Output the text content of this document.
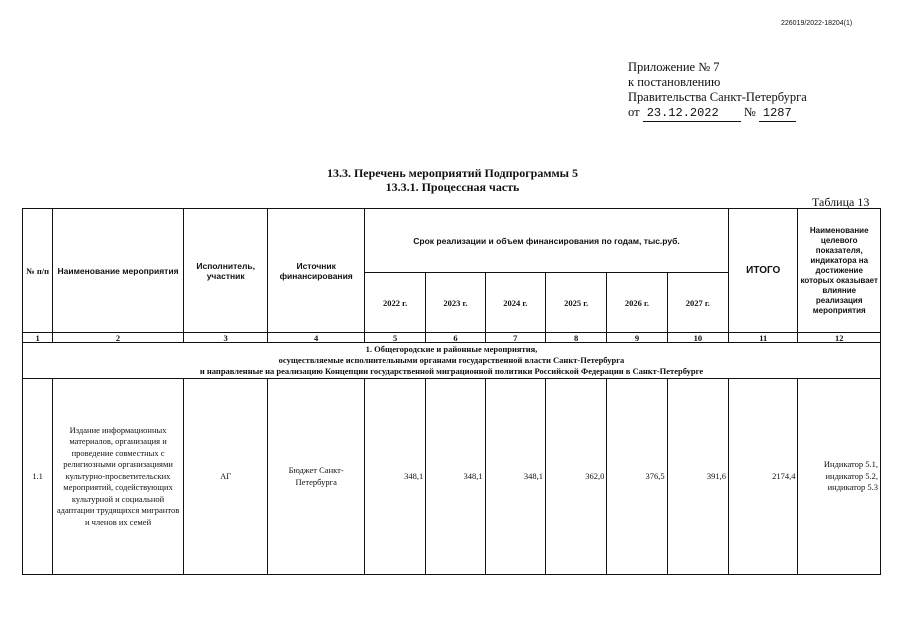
226019/2022-18204(1)
Приложение № 7
к постановлению
Правительства Санкт-Петербурга
от 23.12.2022 № 1287
13.3. Перечень мероприятий Подпрограммы 5
13.3.1. Процессная часть
Таблица 13
№ п/п	Наименование мероприятия	Исполнитель, участник	Источник финансирования	Срок реализации и объем финансирования по годам, тыс.руб.						ИТОГО	Наименование целевого показателя, индикатора на достижение которых оказывает влияние реализация мероприятия
				2022 г.	2023 г.	2024 г.	2025 г.	2026 г.	2027 г.		
1	2	3	4	5	6	7	8	9	10	11	12

1. Общегородские и районные мероприятия,
осуществляемые исполнительными органами государственной власти Санкт-Петербурга
и направленные на реализацию Концепции государственной миграционной политики Российской Федерации в Санкт-Петербурге											

1.1	Издание информационных материалов, организация и проведение совместных с религиозными организациями культурно-просветительских мероприятий, содействующих культурной и социальной адаптации трудящихся мигрантов и членов их семей	АГ	Бюджет Санкт-Петербурга	348,1	348,1	348,1	362,0	376,5	391,6	2174,4	Индикатор 5.1, индикатор 5.2, индикатор 5.3
